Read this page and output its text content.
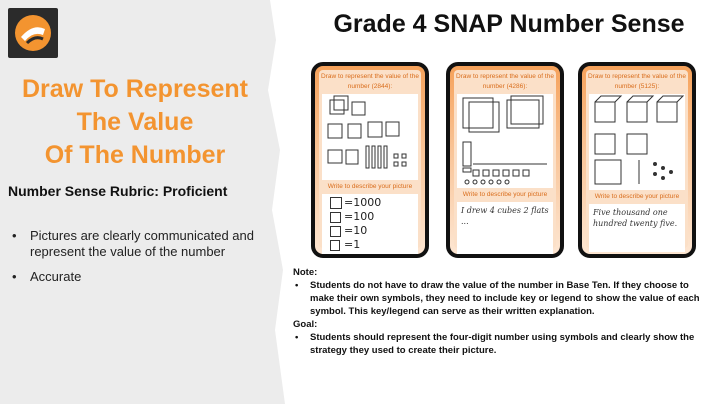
Draw To Represent
The Value
Of The Number
Number Sense Rubric: Proficient
• Pictures are clearly communicated and represent the value of the number
• Accurate
Grade 4 SNAP Number Sense
Draw to represent the value of the number (2844):
Write to describe your picture
=1000
=100
=10
=1
Draw to represent the value of the number (4286):
Write to describe your picture
I drew 4 cubes 2 flats ...
Draw to represent the value of the number (5125):
Write to describe your picture
Five thousand one hundred twenty five.
Note:
• Students do not have to draw the value of the number in Base Ten. If they choose to make their own symbols, they need to include key or legend to show the value of each symbol. This key/legend can serve as their written explanation.
Goal:
• Students should represent the four-digit number using symbols and clearly show the strategy they used to create their picture.
